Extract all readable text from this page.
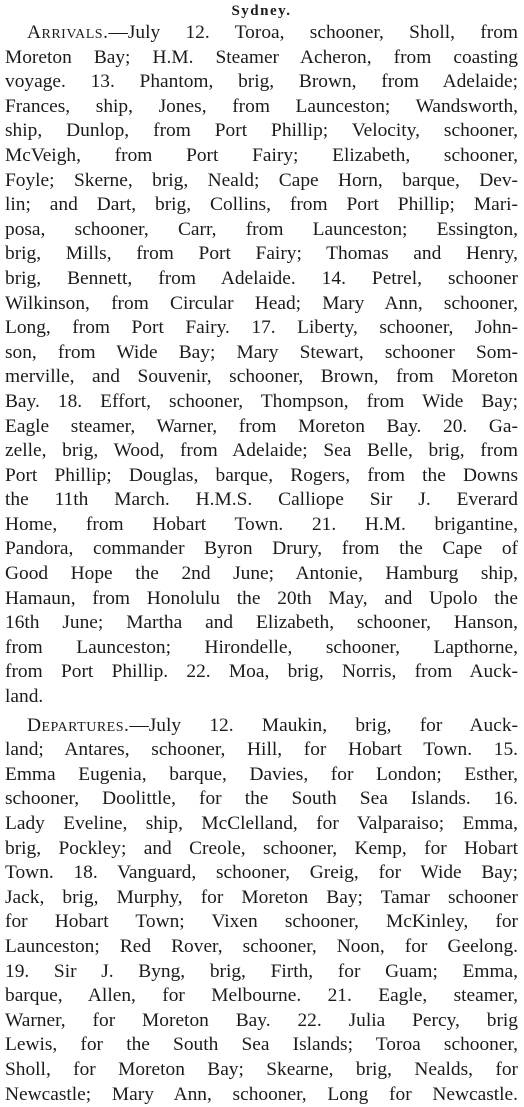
Sydney.
Arrivals.—July 12. Toroa, schooner, Sholl, from
Moreton Bay; H.M. Steamer Acheron, from coasting
voyage. 13. Phantom, brig, Brown, from Adelaide;
Frances, ship, Jones, from Launceston; Wandsworth,
ship, Dunlop, from Port Phillip; Velocity, schooner,
McVeigh, from Port Fairy; Elizabeth, schooner,
Foyle; Skerne, brig, Neald; Cape Horn, barque, Dev-
lin; and Dart, brig, Collins, from Port Phillip; Mari-
posa, schooner, Carr, from Launceston; Essington,
brig, Mills, from Port Fairy; Thomas and Henry,
brig, Bennett, from Adelaide. 14. Petrel, schooner
Wilkinson, from Circular Head; Mary Ann, schooner,
Long, from Port Fairy. 17. Liberty, schooner, John-
son, from Wide Bay; Mary Stewart, schooner Som-
merville, and Souvenir, schooner, Brown, from Moreton
Bay. 18. Effort, schooner, Thompson, from Wide Bay;
Eagle steamer, Warner, from Moreton Bay. 20. Ga-
zelle, brig, Wood, from Adelaide; Sea Belle, brig, from
Port Phillip; Douglas, barque, Rogers, from the Downs
the 11th March. H.M.S. Calliope Sir J. Everard
Home, from Hobart Town. 21. H.M. brigantine,
Pandora, commander Byron Drury, from the Cape of
Good Hope the 2nd June; Antonie, Hamburg ship,
Hamaun, from Honolulu the 20th May, and Upolo the
16th June; Martha and Elizabeth, schooner, Hanson,
from Launceston; Hirondelle, schooner, Lapthorne,
from Port Phillip. 22. Moa, brig, Norris, from Auck-
land.
Departures.—July 12. Maukin, brig, for Auck-
land; Antares, schooner, Hill, for Hobart Town. 15.
Emma Eugenia, barque, Davies, for London; Esther,
schooner, Doolittle, for the South Sea Islands. 16.
Lady Eveline, ship, McClelland, for Valparaiso; Emma,
brig, Pockley; and Creole, schooner, Kemp, for Hobart
Town. 18. Vanguard, schooner, Greig, for Wide Bay;
Jack, brig, Murphy, for Moreton Bay; Tamar schooner
for Hobart Town; Vixen schooner, McKinley, for
Launceston; Red Rover, schooner, Noon, for Geelong.
19. Sir J. Byng, brig, Firth, for Guam; Emma,
barque, Allen, for Melbourne. 21. Eagle, steamer,
Warner, for Moreton Bay. 22. Julia Percy, brig
Lewis, for the South Sea Islands; Toroa schooner,
Sholl, for Moreton Bay; Skearne, brig, Nealds, for
Newcastle; Mary Ann, schooner, Long for Newcastle.
